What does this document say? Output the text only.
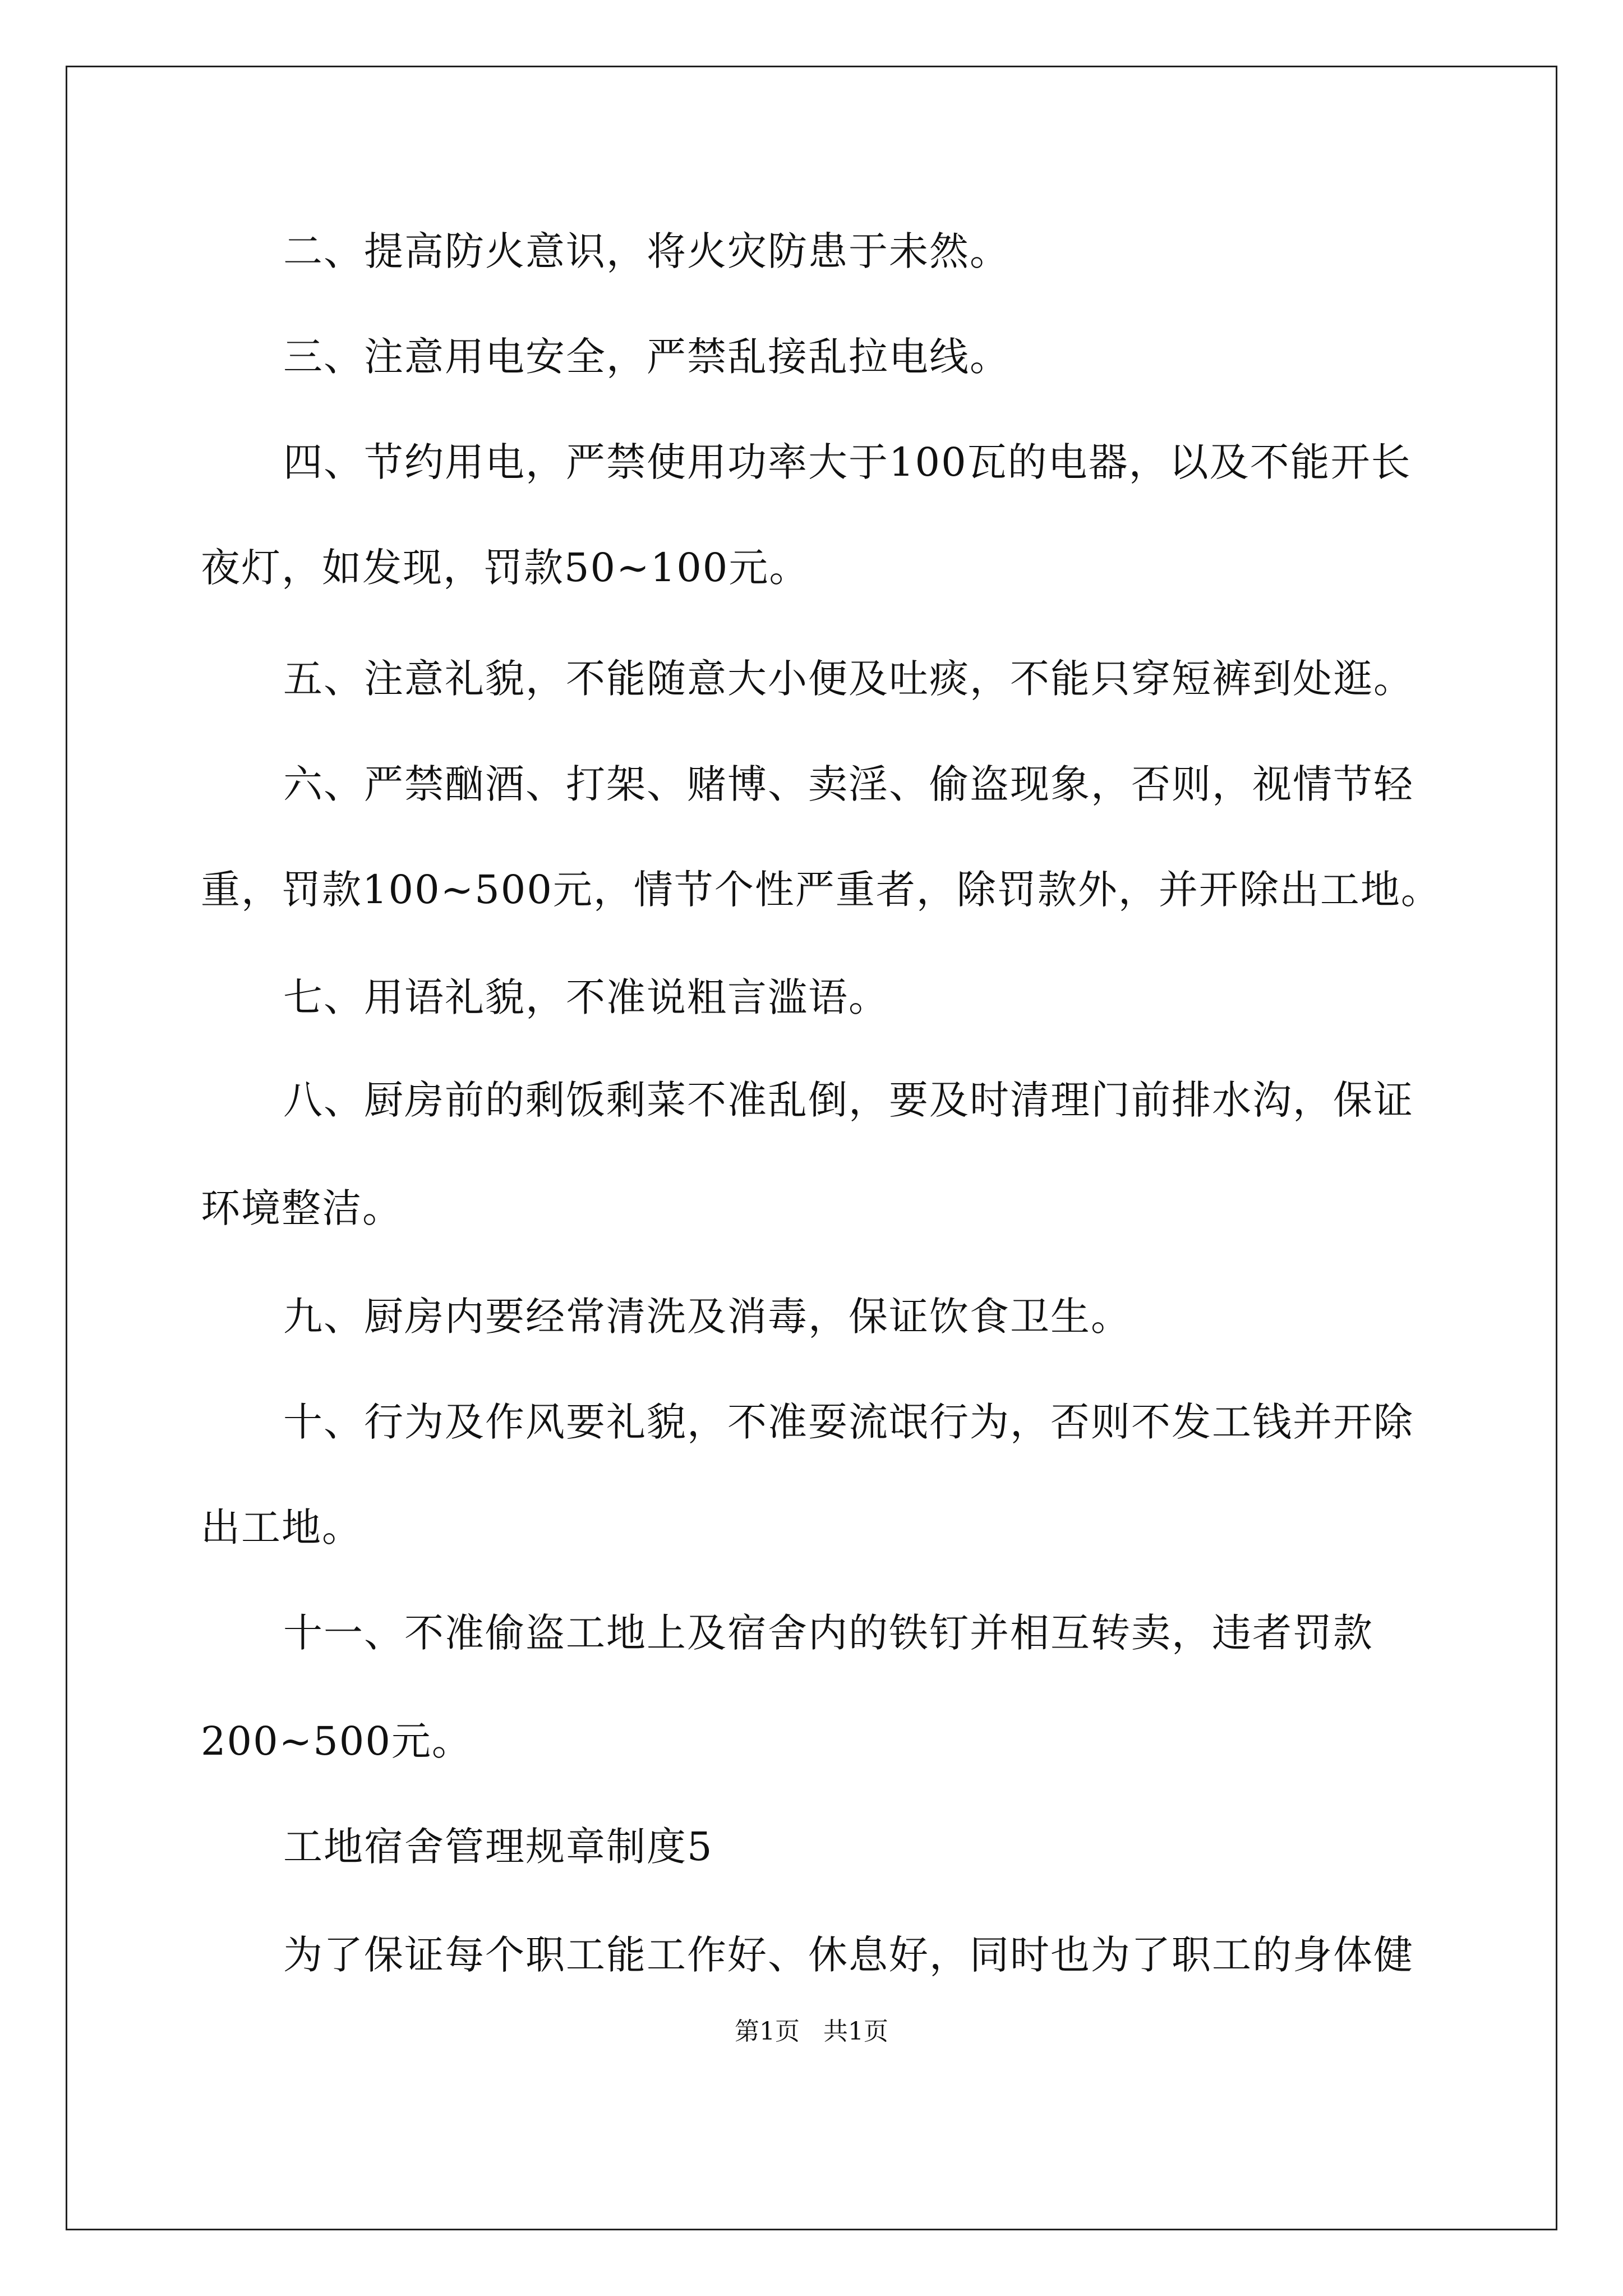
二、提高防火意识，将火灾防患于未然。
三、注意用电安全，严禁乱接乱拉电线。
四、节约用电，严禁使用功率大于100瓦的电器，以及不能开长
夜灯，如发现，罚款50~100元。
五、注意礼貌，不能随意大小便及吐痰，不能只穿短裤到处逛。
六、严禁酗酒、打架、赌博、卖淫、偷盗现象，否则，视情节轻
重，罚款100~500元，情节个性严重者，除罚款外，并开除出工地。
七、用语礼貌，不准说粗言滥语。
八、厨房前的剩饭剩菜不准乱倒，要及时清理门前排水沟，保证
环境整洁。
九、厨房内要经常清洗及消毒，保证饮食卫生。
十、行为及作风要礼貌，不准耍流氓行为，否则不发工钱并开除
出工地。
十一、不准偷盗工地上及宿舍内的铁钉并相互转卖，违者罚款
200~500元。
工地宿舍管理规章制度5
为了保证每个职工能工作好、休息好，同时也为了职工的身体健
第1页   共1页
